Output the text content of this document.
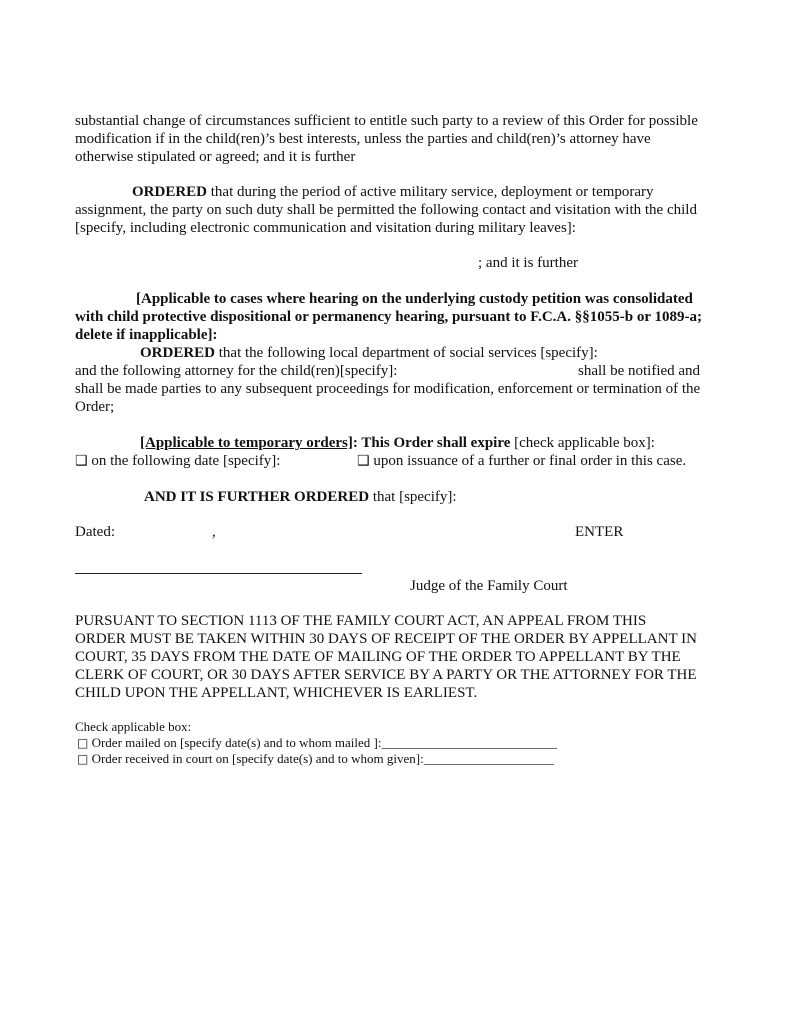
substantial change of circumstances sufficient to entitle such party to a review of this Order for possible
modification if in the child(ren)’s best interests, unless the parties and child(ren)’s attorney have
otherwise stipulated or agreed; and it is further
ORDERED that during the period of active military service, deployment or temporary
assignment, the party on such duty shall be permitted the following contact and visitation with the child
[specify, including electronic communication and visitation during military leaves]:
; and it is further
[Applicable to cases where hearing on the underlying custody petition was consolidated
with child protective dispositional or permanency hearing, pursuant to F.C.A. §§1055-b or 1089-a;
delete if inapplicable]:
ORDERED that the following local department of social services [specify]:
and the following attorney for the child(ren)[specify]:
shall be made parties to any subsequent proceedings for modification, enforcement or termination of the
Order;
shall be notified and
[Applicable to temporary orders]: This Order shall expire [check applicable box]:
❑ on the following date [specify]:	❑ upon issuance of a further or final order in this case.
AND IT IS FURTHER ORDERED that [specify]:
Dated:	,	ENTER
Judge of the Family Court
PURSUANT TO SECTION 1113 OF THE FAMILY COURT ACT, AN APPEAL FROM THIS
ORDER MUST BE TAKEN WITHIN 30 DAYS OF RECEIPT OF THE ORDER BY APPELLANT IN
COURT, 35 DAYS FROM THE DATE OF MAILING OF THE ORDER TO APPELLANT BY THE
CLERK OF COURT, OR 30 DAYS AFTER SERVICE BY A PARTY OR THE ATTORNEY FOR THE
CHILD UPON THE APPELLANT, WHICHEVER IS EARLIEST.
Check applicable box:
□ Order mailed on [specify date(s) and to whom mailed ]:___________________________
□ Order received in court on [specify date(s) and to whom given]:____________________
